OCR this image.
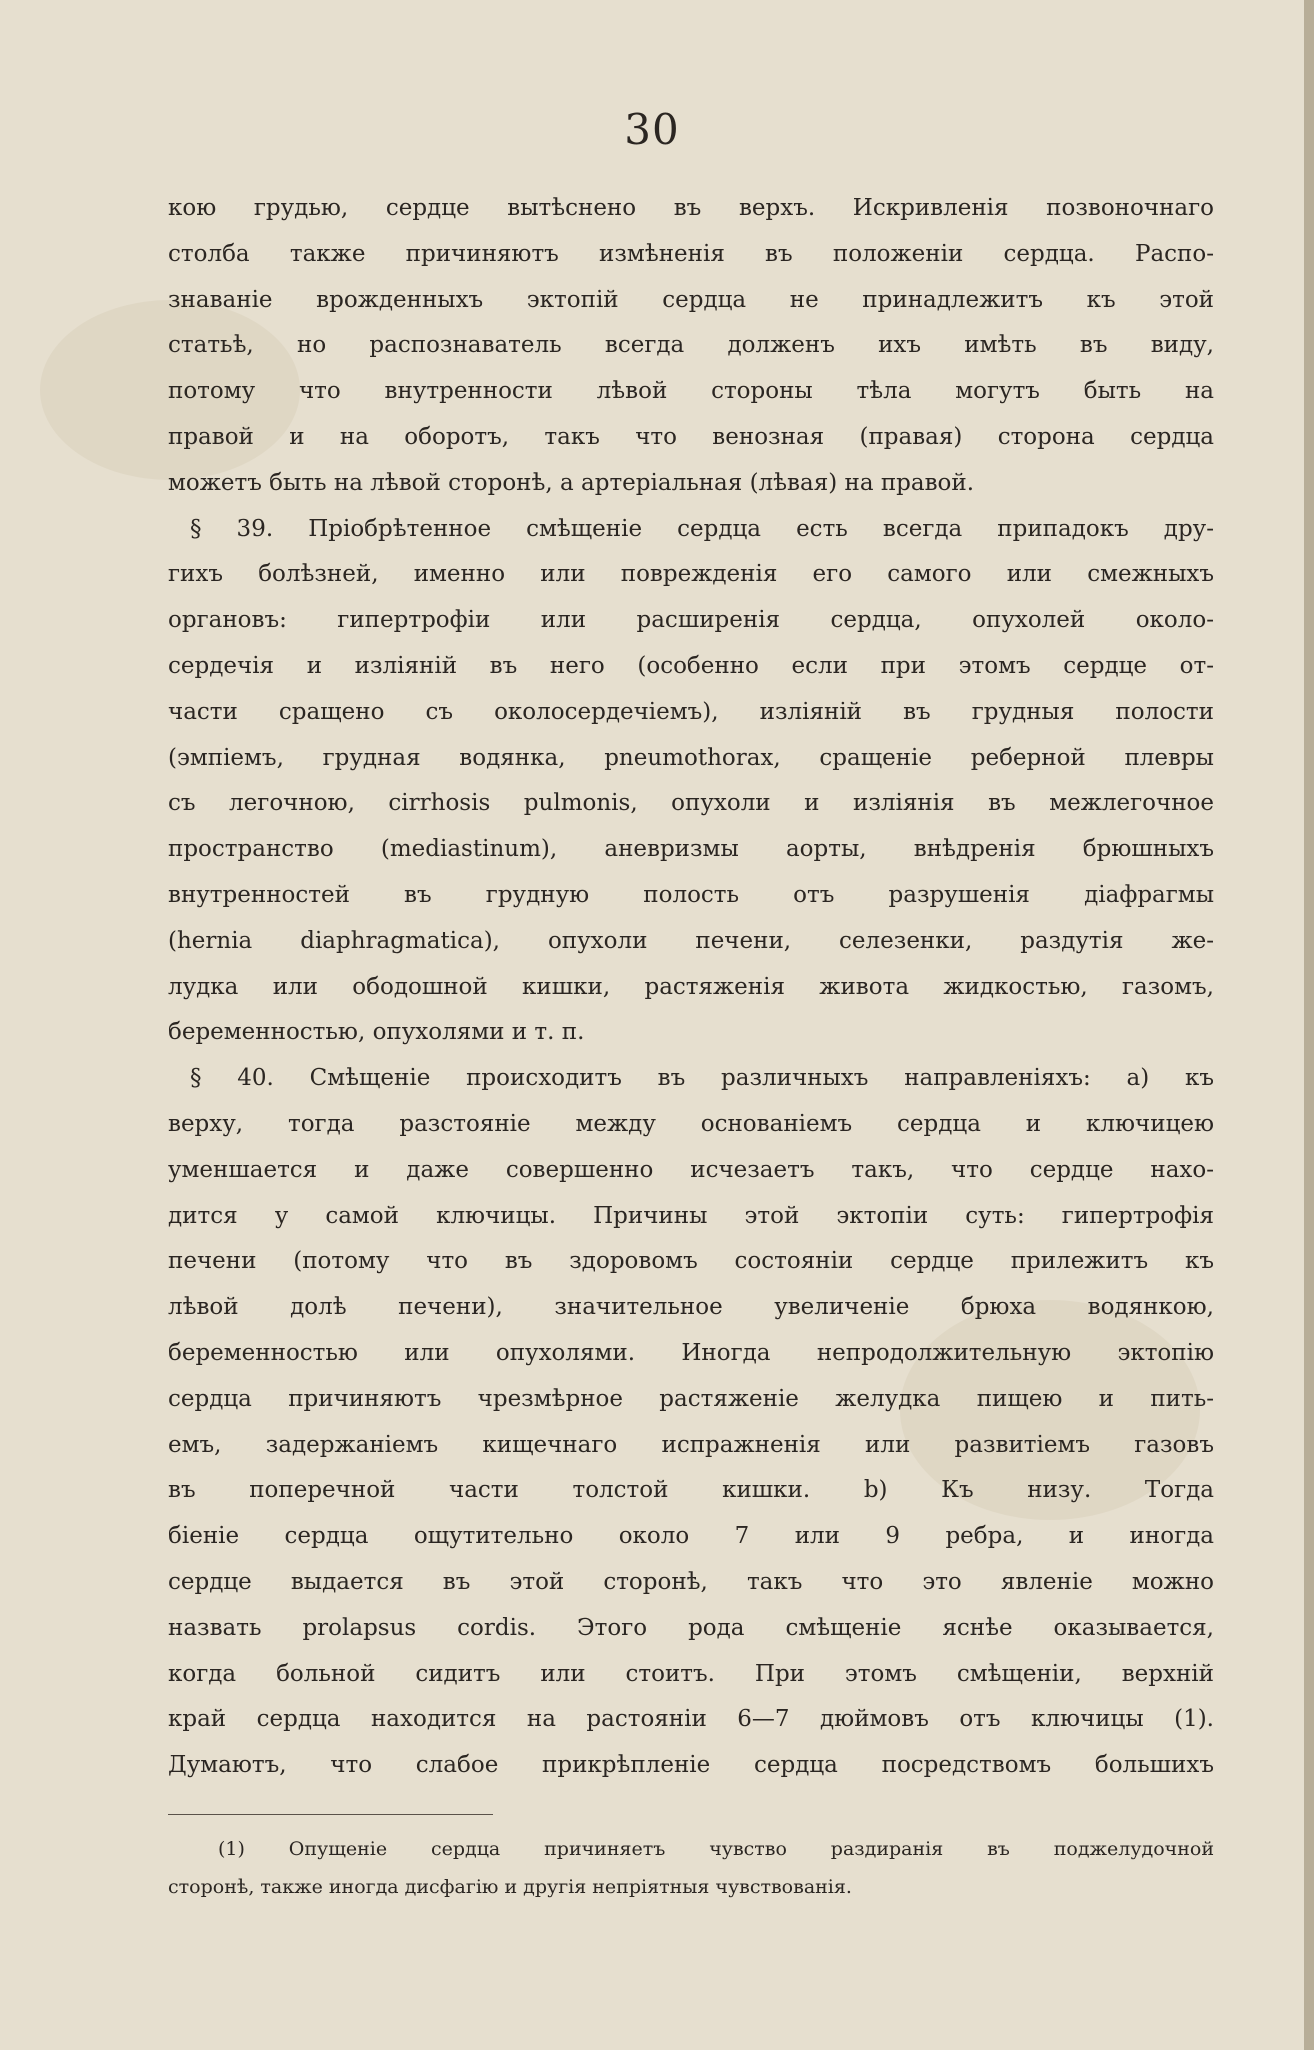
30
кою грудью, сердце вытѣснено въ верхъ. Искривленія позвоночнаго
столба также причиняютъ измѣненія въ положеніи сердца. Распо-
знаваніе врожденныхъ эктопій сердца не принадлежитъ къ этой
статьѣ, но распознаватель всегда долженъ ихъ имѣть въ виду,
потому что внутренности лѣвой стороны тѣла могутъ быть на
правой и на оборотъ, такъ что венозная (правая) сторона сердца
можетъ быть на лѣвой сторонѣ, а артеріальная (лѣвая) на правой.
§ 39. Пріобрѣтенное смѣщеніе сердца есть всегда припадокъ дру-
гихъ болѣзней, именно или поврежденія его самого или смежныхъ
органовъ: гипертрофіи или расширенія сердца, опухолей около-
сердечія и изліяній въ него (особенно если при этомъ сердце от-
части сращено съ околосердечіемъ), изліяній въ грудныя полости
(эмпіемъ, грудная водянка, pneumothorax, сращеніе реберной плевры
съ легочною, cirrhosis pulmonis, опухоли и изліянія въ межлегочное
пространство (mediastinum), аневризмы аорты, внѣдренія брюшныхъ
внутренностей въ грудную полость отъ разрушенія діафрагмы
(hernia diaphragmatica), опухоли печени, селезенки, раздутія же-
лудка или ободошной кишки, растяженія живота жидкостью, газомъ,
беременностью, опухолями и т. п.
§ 40. Смѣщеніе происходитъ въ различныхъ направленіяхъ: а) къ
верху, тогда разстояніе между основаніемъ сердца и ключицею
уменшается и даже совершенно исчезаетъ такъ, что сердце нахо-
дится у самой ключицы. Причины этой эктопіи суть: гипертрофія
печени (потому что въ здоровомъ состояніи сердце прилежитъ къ
лѣвой долѣ печени), значительное увеличеніе брюха водянкою,
беременностью или опухолями. Иногда непродолжительную эктопію
сердца причиняютъ чрезмѣрное растяженіе желудка пищею и пить-
емъ, задержаніемъ кищечнаго испражненія или развитіемъ газовъ
въ поперечной части толстой кишки. b) Къ низу. Тогда
біеніе сердца ощутительно около 7 или 9 ребра, и иногда
сердце выдается въ этой сторонѣ, такъ что это явленіе можно
назвать prolapsus cordis. Этого рода смѣщеніе яснѣе оказывается,
когда больной сидитъ или стоитъ. При этомъ смѣщеніи, верхній
край сердца находится на растояніи 6—7 дюймовъ отъ ключицы (1).
Думаютъ, что слабое прикрѣпленіе сердца посредствомъ большихъ
(1) Опущеніе сердца причиняетъ чувство раздиранія въ поджелудочной
сторонѣ, также иногда дисфагію и другія непріятныя чувствованія.
